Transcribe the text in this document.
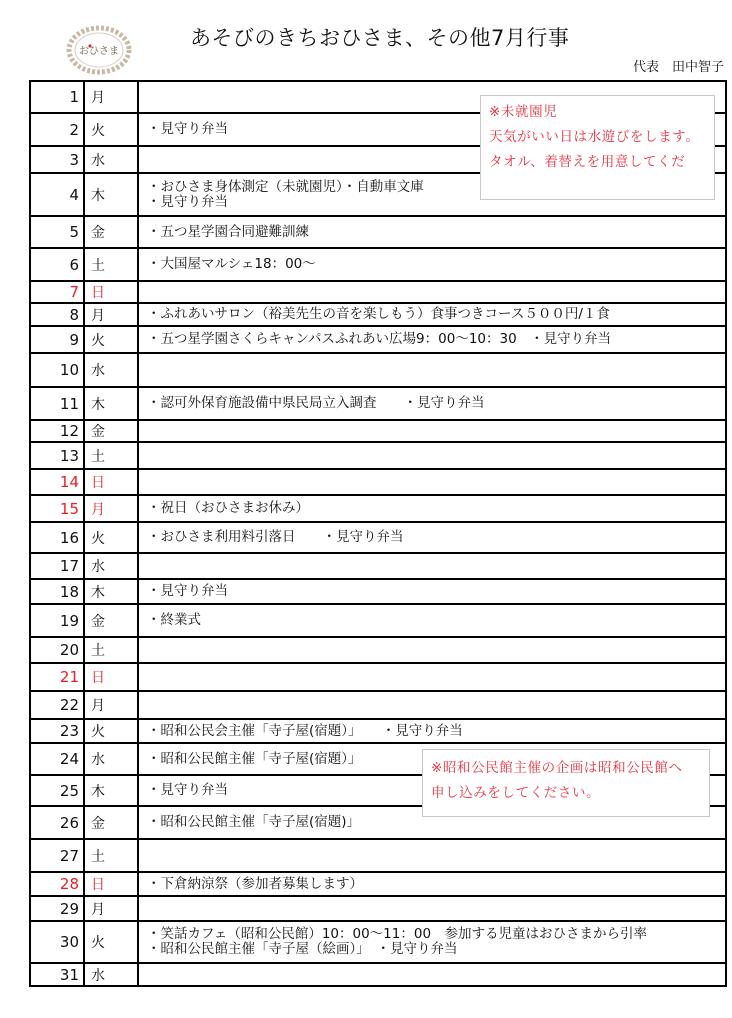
おひさま
あそびのきちおひさま、その他7月行事
代表　田中智子
1	月	
2	火	・見守り弁当

3	水	
4	木	・おひさま身体測定（未就園児）・自動車文庫
・見守り弁当

5	金	・五つ星学園合同避難訓練

6	土	・大国屋マルシェ18：00〜

7	日	
8	月	・ふれあいサロン（裕美先生の音を楽しもう）食事つきコース５００円/１食

9	火	・五つ星学園さくらキャンパスふれあい広場9：00〜10：30　・見守り弁当

10	水	
11	木	・認可外保育施設備中県民局立入調査　　・見守り弁当

12	金	
13	土	
14	日	
15	月	・祝日（おひさまお休み）

16	火	・おひさま利用料引落日　　・見守り弁当

17	水	
18	木	・見守り弁当

19	金	・終業式

20	土	
21	日	
22	月	
23	火	・昭和公民会主催「寺子屋(宿題）」　　・見守り弁当

24	水	・昭和公民館主催「寺子屋(宿題）」

25	木	・見守り弁当

26	金	・昭和公民館主催「寺子屋(宿題)」

27	土	
28	日	・下倉納涼祭（参加者募集します）

29	月	
30	火	・笑話カフェ（昭和公民館）10：00〜11：00　参加する児童はおひさまから引率
・昭和公民館主催「寺子屋（絵画）」　・見守り弁当

31	水	
※未就園児
天気がいい日は水遊びをします。
タオル、着替えを用意してくだ
※昭和公民館主催の企画は昭和公民館へ
申し込みをしてください。
